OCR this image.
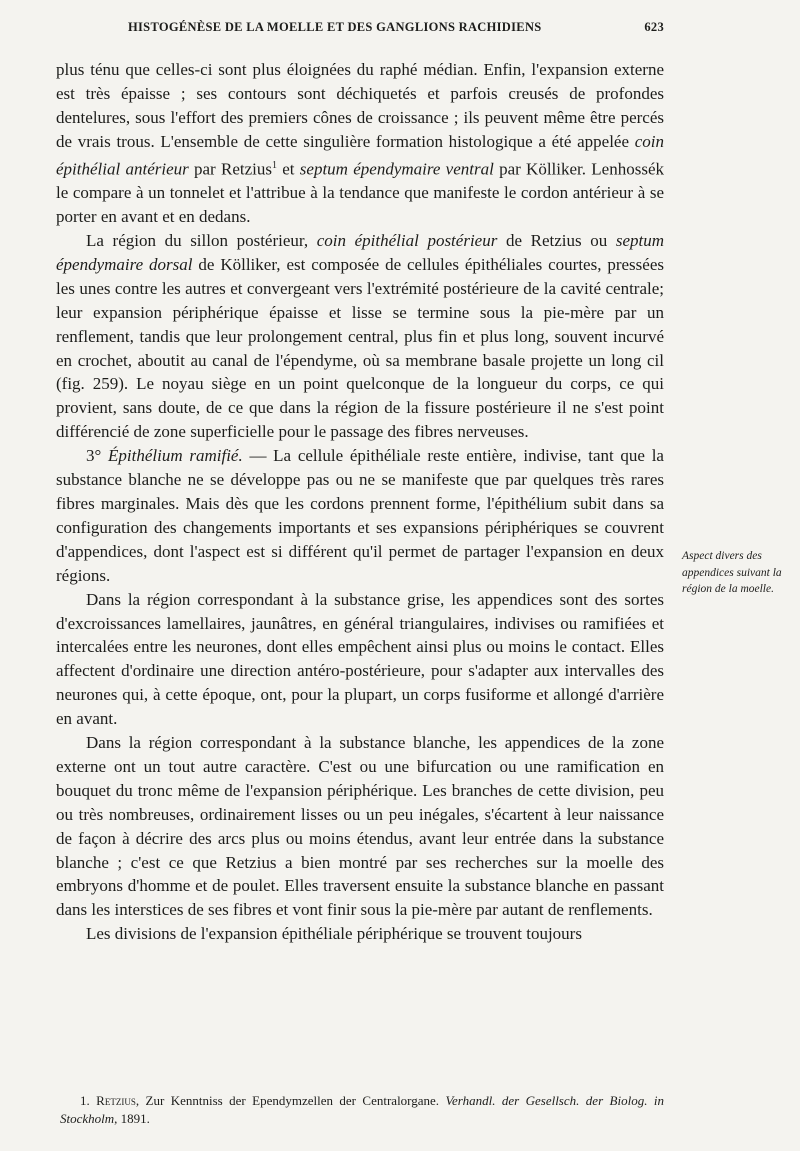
HISTOGÉNÈSE DE LA MOELLE ET DES GANGLIONS RACHIDIENS	623

plus ténu que celles-ci sont plus éloignées du raphé médian. Enfin, l'expansion externe est très épaisse ; ses contours sont déchiquetés et parfois creusés de profondes dentelures, sous l'effort des premiers cônes de croissance ; ils peuvent même être percés de vrais trous. L'ensemble de cette singulière formation histologique a été appelée coin épithélial antérieur par Retzius$^1$ et septum épendymaire ventral par Kölliker. Lenhossék le compare à un tonnelet et l'attribue à la tendance que manifeste le cordon antérieur à se porter en avant et en dedans.

La région du sillon postérieur, coin épithélial postérieur de Retzius ou septum épendymaire dorsal de Kölliker, est composée de cellules épithéliales courtes, pressées les unes contre les autres et convergeant vers l'extrémité postérieure de la cavité centrale; leur expansion périphérique épaisse et lisse se termine sous la pie-mère par un renflement, tandis que leur prolongement central, plus fin et plus long, souvent incurvé en crochet, aboutit au canal de l'épendyme, où sa membrane basale projette un long cil (fig. 259). Le noyau siège en un point quelconque de la longueur du corps, ce qui provient, sans doute, de ce que dans la région de la fissure postérieure il ne s'est point différencié de zone superficielle pour le passage des fibres nerveuses.

3° Épithélium ramifié. — La cellule épithéliale reste entière, indivise, tant que la substance blanche ne se développe pas ou ne se manifeste que par quelques très rares fibres marginales. Mais dès que les cordons prennent forme, l'épithélium subit dans sa configuration des changements importants et ses expansions périphériques se couvrent d'appendices, dont l'aspect est si différent qu'il permet de partager l'expansion en deux régions.

Dans la région correspondant à la substance grise, les appendices sont des sortes d'excroissances lamellaires, jaunâtres, en général triangulaires, indivises ou ramifiées et intercalées entre les neurones, dont elles empêchent ainsi plus ou moins le contact. Elles affectent d'ordinaire une direction antéro-postérieure, pour s'adapter aux intervalles des neurones qui, à cette époque, ont, pour la plupart, un corps fusiforme et allongé d'arrière en avant.

Dans la région correspondant à la substance blanche, les appendices de la zone externe ont un tout autre caractère. C'est ou une bifurcation ou une ramification en bouquet du tronc même de l'expansion périphérique. Les branches de cette division, peu ou très nombreuses, ordinairement lisses ou un peu inégales, s'écartent à leur naissance de façon à décrire des arcs plus ou moins étendus, avant leur entrée dans la substance blanche ; c'est ce que Retzius a bien montré par ses recherches sur la moelle des embryons d'homme et de poulet. Elles traversent ensuite la substance blanche en passant dans les interstices de ses fibres et vont finir sous la pie-mère par autant de renflements.

Les divisions de l'expansion épithéliale périphérique se trouvent toujours

Aspect divers des appendices suivant la région de la moelle.

1. Retzius, Zur Kenntniss der Ependymzellen der Centralorgane. Verhandl. der Gesellsch. der Biolog. in Stockholm, 1891.
